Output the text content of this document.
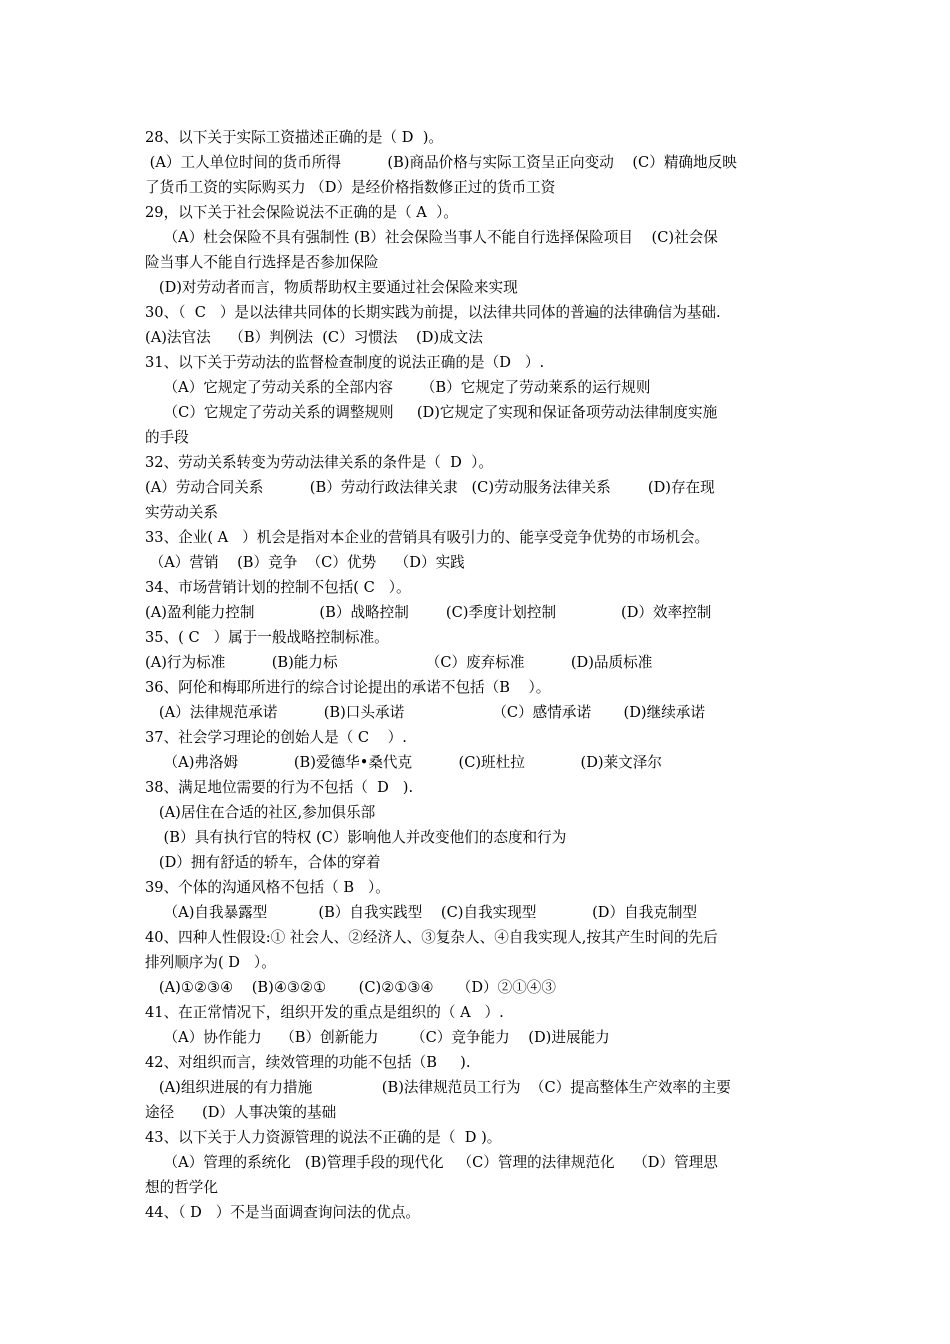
28、以下关于实际工资描述正确的是（ D  )。
(A）工人单位时间的货币所得          (B)商品价格与实际工资呈正向变动    (C）精确地反映
了货币工资的实际购买力 （D）是经价格指数修正过的货币工资
29，以下关于社会保险说法不正确的是（ A  ）。
（A）杜会保险不具有强制性 (B）社会保险当事人不能自行选择保险项目    (C)社会保
险当事人不能自行选择是否参加保险
(D)对劳动者而言，物质帮助权主要通过社会保险来实现
30、（  C   ）是以法律共同体的长期实践为前提，以法律共同体的普遍的法律确信为基础.
(A)法官法    （B）判例法  (C）习惯法    (D)成文法
31、以下关于劳动法的监督检查制度的说法正确的是（D   ）.
（A）它规定了劳动关系的全部内容      （B）它规定了劳动莱系的运行规则
（C）它规定了劳动关系的调整规则     (D)它规定了实现和保证备项劳动法律制度实施
的手段
32、劳动关系转变为劳动法律关系的条件是（  D  ）。
(A）劳动合同关系          (B）劳动行政法律关隶   (C)劳动服务法律关系        (D)存在现
实劳动关系
33、企业( A   ）机会是指对本企业的营销具有吸引力的、能享受竞争优势的市场机会。
（A）营销    (B）竞争  （C）优势    （D）实践
34、市场营销计划的控制不包括( C   ）。
(A)盈利能力控制              (B）战略控制        (C)季度计划控制              (D）效率控制
35、( C   ）属于一般战略控制标准。
(A)行为标准          (B)能力标                   （C）废弃标准          (D)品质标准
36、阿伦和梅耶所进行的综合讨论提出的承诺不包括（B    ）。
(A）法律规范承诺          (B)口头承诺                   （C）感情承诺       (D)继续承诺
37、社会学习理论的创始人是（ C    ）.
（A)弗洛姆            (B)爱德华•桑代克          (C)班杜拉            (D)莱文泽尔
38、满足地位需要的行为不包括（  D   ).
(A)居住在合适的社区,参加俱乐部
(B）具有执行官的特权 (C）影响他人并改变他们的态度和行为
(D）拥有舒适的轿车，合体的穿着
39、个体的沟通风格不包括（ B   ）。
（A)自我暴露型           (B）自我实践型    (C)自我实现型            (D）自我克制型
40、四种人性假设:① 社会人、②经济人、③复杂人、④自我实现人,按其产生时间的先后
排列顺序为( D   ）。
(A)①②③④    (B)④③②①       (C)②①③④     （D）②①④③
41、在正常情况下，组织开发的重点是组织的（ A   ）.
（A）协作能力    （B）创新能力       （C）竞争能力    (D)进展能力
42、对组织而言，续效管理的功能不包括（B     ).
(A)组织进展的有力措施               (B)法律规范员工行为  （C）提高整体生产效率的主要
途径      (D）人事决策的基础
43、以下关于人力资源管理的说法不正确的是（  D )。
（A）管理的系统化   (B)管理手段的现代化   （C）管理的法律规范化    （D）管理思
想的哲学化
44、（ D   ）不是当面调查询问法的优点。
